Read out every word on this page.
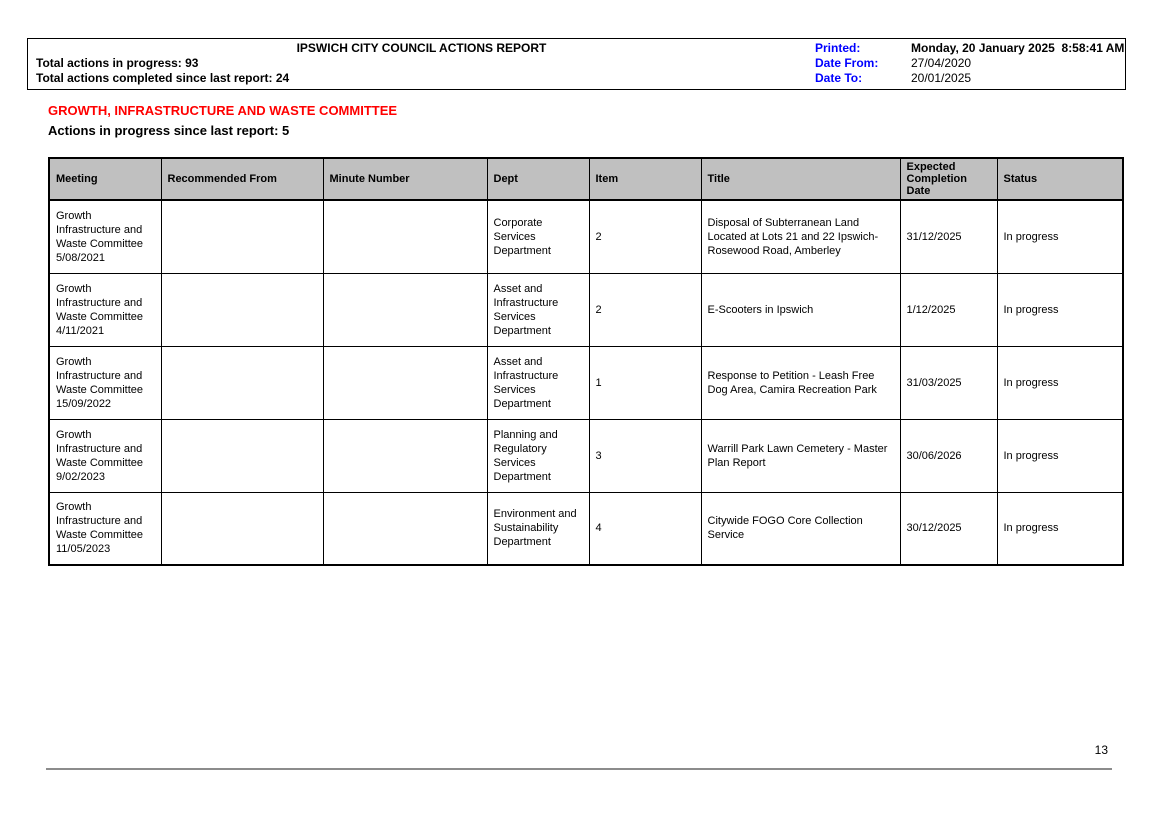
IPSWICH CITY COUNCIL ACTIONS REPORT
Total actions in progress: 93
Total actions completed since last report: 24
Printed:	Monday, 20 January 2025  8:58:41 AM
Date From:	27/04/2020
Date To:	20/01/2025
GROWTH, INFRASTRUCTURE AND WASTE COMMITTEE
Actions in progress since last report: 5
Meeting	Recommended From	Minute Number	Dept	Item	Title	Expected Completion Date	Status
Growth Infrastructure and Waste Committee 5/08/2021			Corporate Services Department	2	Disposal of Subterranean Land Located at Lots 21 and 22 Ipswich-Rosewood Road, Amberley	31/12/2025	In progress
Growth Infrastructure and Waste Committee 4/11/2021			Asset and Infrastructure Services Department	2	E-Scooters in Ipswich	1/12/2025	In progress
Growth Infrastructure and Waste Committee 15/09/2022			Asset and Infrastructure Services Department	1	Response to Petition - Leash Free Dog Area, Camira Recreation Park	31/03/2025	In progress
Growth Infrastructure and Waste Committee 9/02/2023			Planning and Regulatory Services Department	3	Warrill Park Lawn Cemetery - Master Plan Report	30/06/2026	In progress
Growth Infrastructure and Waste Committee 11/05/2023			Environment and Sustainability Department	4	Citywide FOGO Core Collection Service	30/12/2025	In progress
13
